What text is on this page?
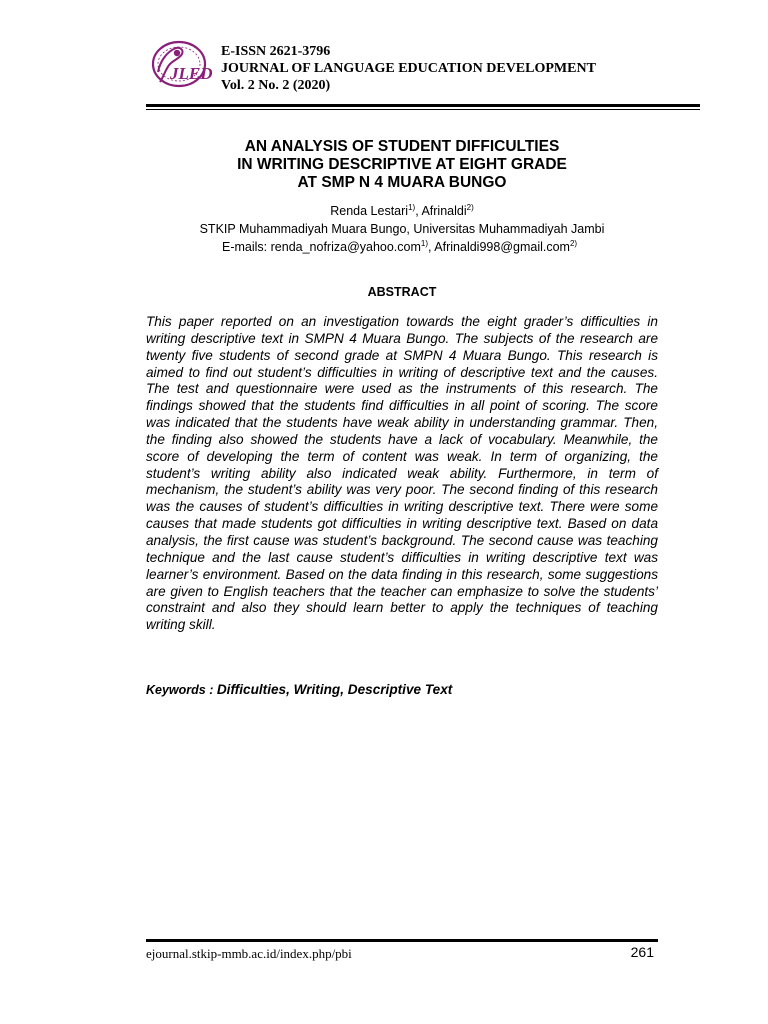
JLED
E-ISSN 2621-3796
JOURNAL OF LANGUAGE EDUCATION DEVELOPMENT
Vol. 2 No. 2 (2020)
AN ANALYSIS OF STUDENT DIFFICULTIES
IN WRITING DESCRIPTIVE AT EIGHT GRADE
AT SMP N 4 MUARA BUNGO
Renda Lestari$^{1)}$, Afrinaldi$^{2)}$
STKIP Muhammadiyah Muara Bungo, Universitas Muhammadiyah Jambi
E-mails: renda_nofriza@yahoo.com$^{1)}$, Afrinaldi998@gmail.com$^{2)}$
ABSTRACT
This paper reported on an investigation towards the eight grader’s difficulties in writing descriptive text in SMPN 4 Muara Bungo. The subjects of the research are twenty five students of second grade at SMPN 4 Muara Bungo. This research is aimed to find out student’s difficulties in writing of descriptive text and the causes. The test and questionnaire were used as the instruments of this research. The findings showed that the students find difficulties in all point of scoring. The score was indicated that the students have weak ability in understanding grammar. Then, the finding also showed the students have a lack of vocabulary. Meanwhile, the score of developing the term of content was weak. In term of organizing, the student’s writing ability also indicated weak ability. Furthermore, in term of mechanism, the student’s ability was very poor. The second finding of this research was the causes of student’s difficulties in writing descriptive text. There were some causes that made students got difficulties in writing descriptive text. Based on data analysis, the first cause was student’s background. The second cause was teaching technique and the last cause student’s difficulties in writing descriptive text was learner’s environment. Based on the data finding in this research, some suggestions are given to English teachers that the teacher can emphasize to solve the students’ constraint and also they should learn better to apply the techniques of teaching writing skill.
Keywords : Difficulties, Writing, Descriptive Text
ejournal.stkip-mmb.ac.id/index.php/pbi	261
